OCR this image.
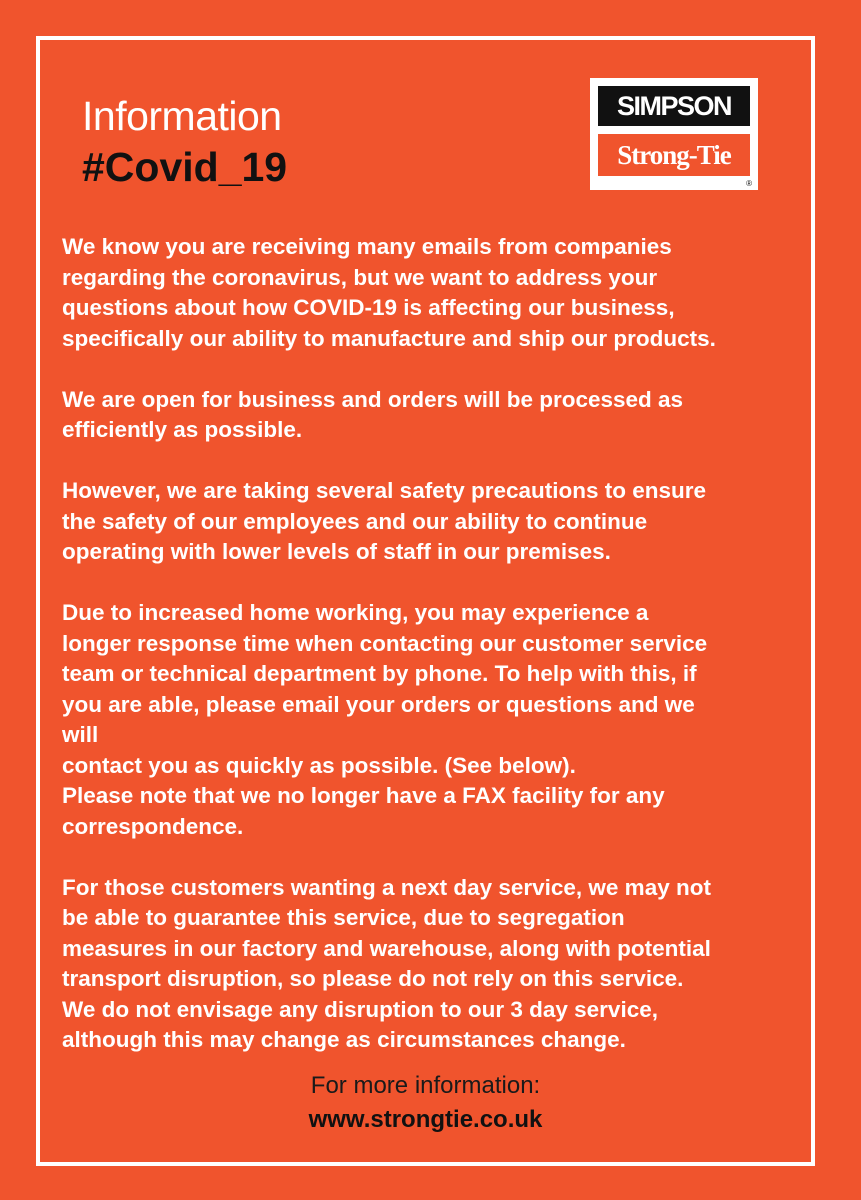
Information
#Covid_19
SIMPSON
Strong-Tie
®

We know you are receiving many emails from companies
regarding the coronavirus, but we want to address your
questions about how COVID-19 is affecting our business,
specifically our ability to manufacture and ship our products.

We are open for business and orders will be processed as
efficiently as possible.

However, we are taking several safety precautions to ensure
the safety of our employees and our ability to continue
operating with lower levels of staff in our premises.

Due to increased home working, you may experience a
longer response time when contacting our customer service
team or technical department by phone. To help with this, if
you are able, please email your orders or questions and we
will
contact you as quickly as possible. (See below).
Please note that we no longer have a FAX facility for any
correspondence.

For those customers wanting a next day service, we may not
be able to guarantee this service, due to segregation
measures in our factory and warehouse, along with potential
transport disruption, so please do not rely on this service.
We do not envisage any disruption to our 3 day service,
although this may change as circumstances change.

For more information:
www.strongtie.co.uk
